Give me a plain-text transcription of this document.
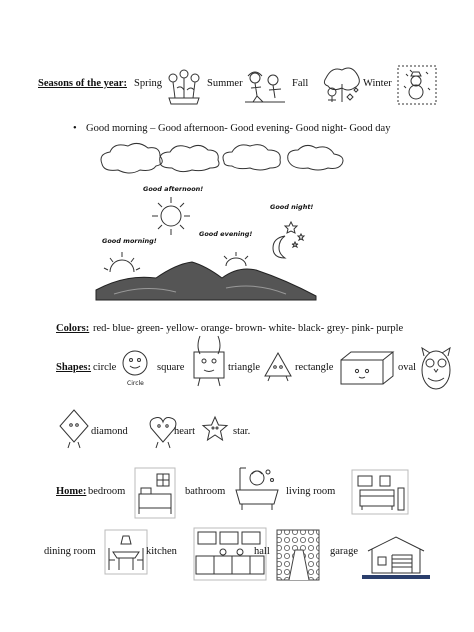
Seasons of the year: Spring	Summer	Fall	Winter
• Good morning – Good afternoon- Good evening- Good night- Good day
Good afternoon!
Good night!
Good evening!
Good morning!
Colors: red- blue- green- yellow- orange- brown- white- black- grey- pink- purple
Shapes: circle
Circle
square	triangle	rectangle	oval
diamond	heart	star.
Home: bedroom	bathroom	living room
dining room	kitchen	hall	garage
